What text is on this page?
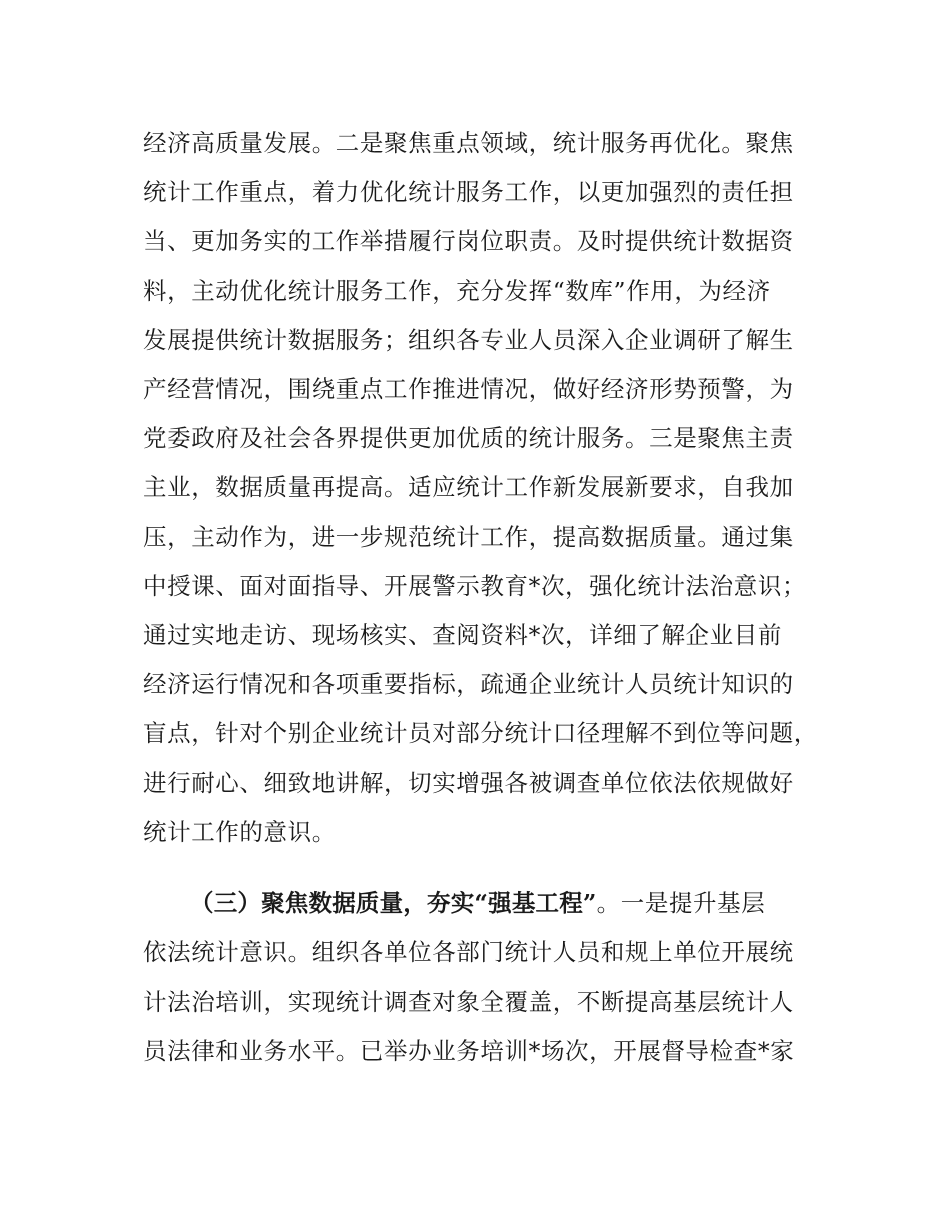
经济高质量发展。二是聚焦重点领域，统计服务再优化。聚焦
统计工作重点，着力优化统计服务工作，以更加强烈的责任担
当、更加务实的工作举措履行岗位职责。及时提供统计数据资
料，主动优化统计服务工作，充分发挥“数库”作用，为经济
发展提供统计数据服务；组织各专业人员深入企业调研了解生
产经营情况，围绕重点工作推进情况，做好经济形势预警，为
党委政府及社会各界提供更加优质的统计服务。三是聚焦主责
主业，数据质量再提高。适应统计工作新发展新要求，自我加
压，主动作为，进一步规范统计工作，提高数据质量。通过集
中授课、面对面指导、开展警示教育*次，强化统计法治意识；
通过实地走访、现场核实、查阅资料*次，详细了解企业目前
经济运行情况和各项重要指标，疏通企业统计人员统计知识的
盲点，针对个别企业统计员对部分统计口径理解不到位等问题，
进行耐心、细致地讲解，切实增强各被调查单位依法依规做好
统计工作的意识。
（三）聚焦数据质量，夯实“强基工程”。一是提升基层
依法统计意识。组织各单位各部门统计人员和规上单位开展统
计法治培训，实现统计调查对象全覆盖，不断提高基层统计人
员法律和业务水平。已举办业务培训*场次，开展督导检查*家
